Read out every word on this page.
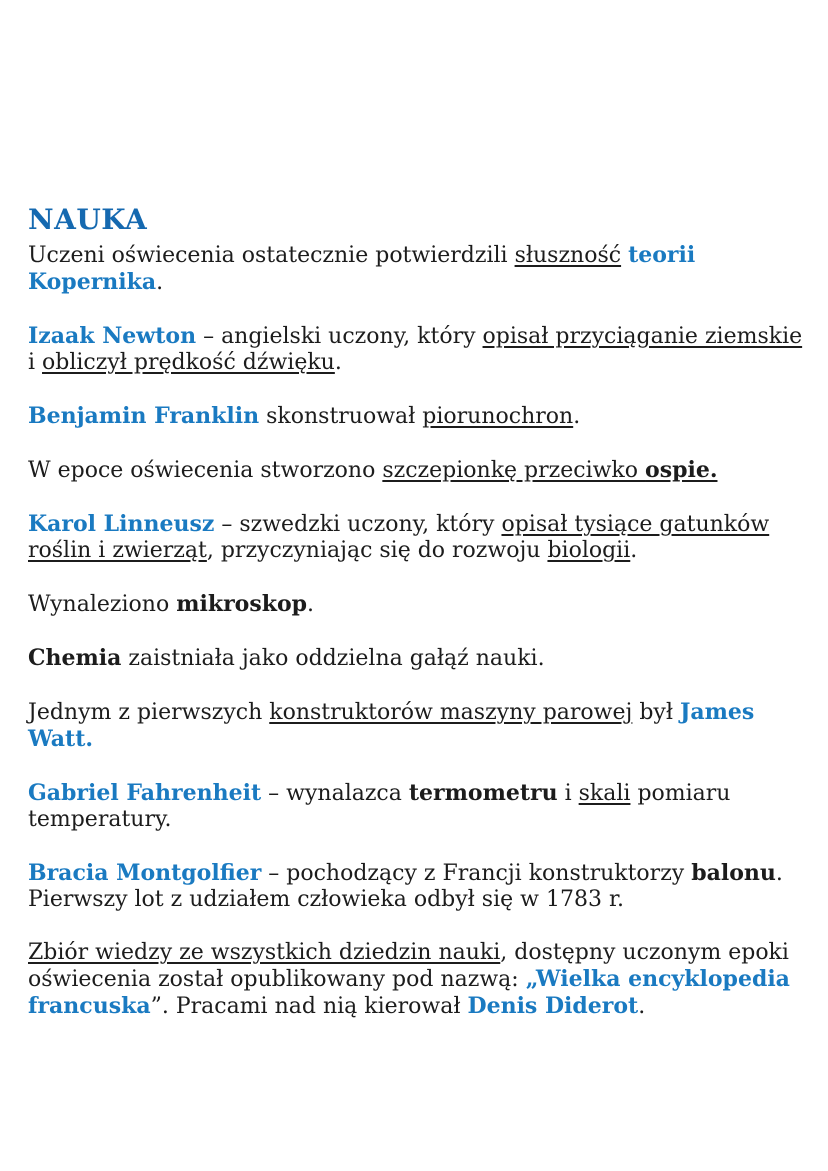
NAUKA
Uczeni oświecenia ostatecznie potwierdzili słuszność teorii
Kopernika.
Izaak Newton – angielski uczony, który opisał przyciąganie ziemskie
i obliczył prędkość dźwięku.
Benjamin Franklin skonstruował piorunochron.
W epoce oświecenia stworzono szczepionkę przeciwko ospie.
Karol Linneusz – szwedzki uczony, który opisał tysiące gatunków
roślin i zwierząt, przyczyniając się do rozwoju biologii.
Wynaleziono mikroskop.
Chemia zaistniała jako oddzielna gałąź nauki.
Jednym z pierwszych konstruktorów maszyny parowej był James
Watt.
Gabriel Fahrenheit – wynalazca termometru i skali pomiaru
temperatury.
Bracia Montgolfier – pochodzący z Francji konstruktorzy balonu.
Pierwszy lot z udziałem człowieka odbył się w 1783 r.
Zbiór wiedzy ze wszystkich dziedzin nauki, dostępny uczonym epoki
oświecenia został opublikowany pod nazwą: „Wielka encyklopedia
francuska”. Pracami nad nią kierował Denis Diderot.
